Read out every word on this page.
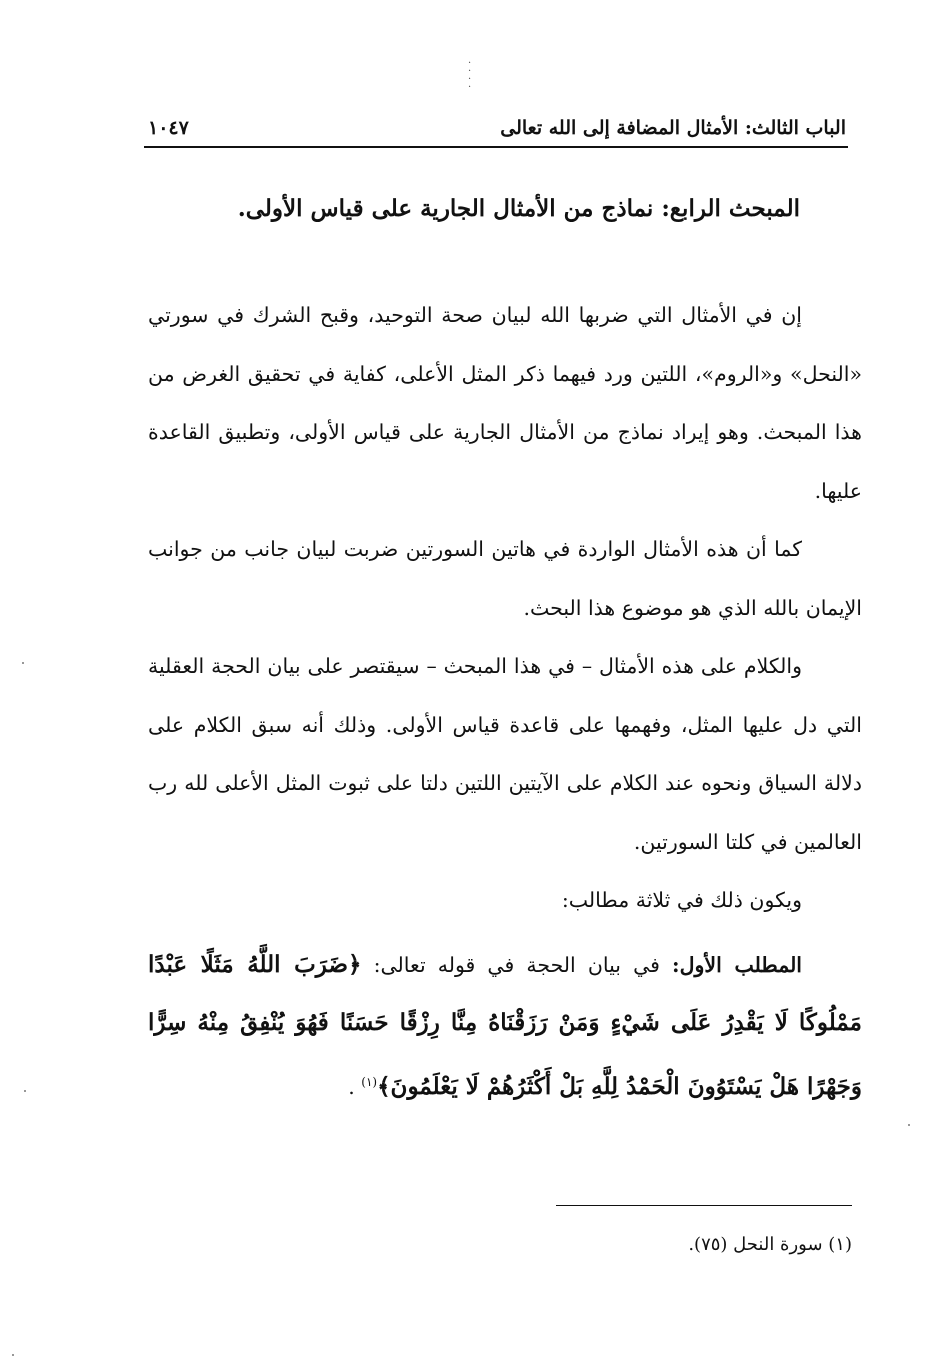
·
·
·
·
الباب الثالث: الأمثال المضافة إلى الله تعالى
١٠٤٧
المبحث الرابع: نماذج من الأمثال الجارية على قياس الأولى.

إن في الأمثال التي ضربها الله لبيان صحة التوحيد، وقبح الشرك في سورتي «النحل» و«الروم»، اللتين ورد فيهما ذكر المثل الأعلى، كفاية في تحقيق الغرض من هذا المبحث. وهو إيراد نماذج من الأمثال الجارية على قياس الأولى، وتطبيق القاعدة عليها.

كما أن هذه الأمثال الواردة في هاتين السورتين ضربت لبيان جانب من جوانب الإيمان بالله الذي هو موضوع هذا البحث.

والكلام على هذه الأمثال – في هذا المبحث – سيقتصر على بيان الحجة العقلية التي دل عليها المثل، وفهمها على قاعدة قياس الأولى. وذلك أنه سبق الكلام على دلالة السياق ونحوه عند الكلام على الآيتين اللتين دلتا على ثبوت المثل الأعلى لله رب العالمين في كلتا السورتين.

ويكون ذلك في ثلاثة مطالب:

المطلب الأول: في بيان الحجة في قوله تعالى: ﴿ضَرَبَ اللَّهُ مَثَلًا عَبْدًا مَمْلُوكًا لَا يَقْدِرُ عَلَى شَيْءٍ وَمَنْ رَزَقْنَاهُ مِنَّا رِزْقًا حَسَنًا فَهُوَ يُنْفِقُ مِنْهُ سِرًّا وَجَهْرًا هَلْ يَسْتَوُونَ الْحَمْدُ لِلَّهِ بَلْ أَكْثَرُهُمْ لَا يَعْلَمُونَ﴾$^{(١)}$ .

(١) سورة النحل (٧٥).
